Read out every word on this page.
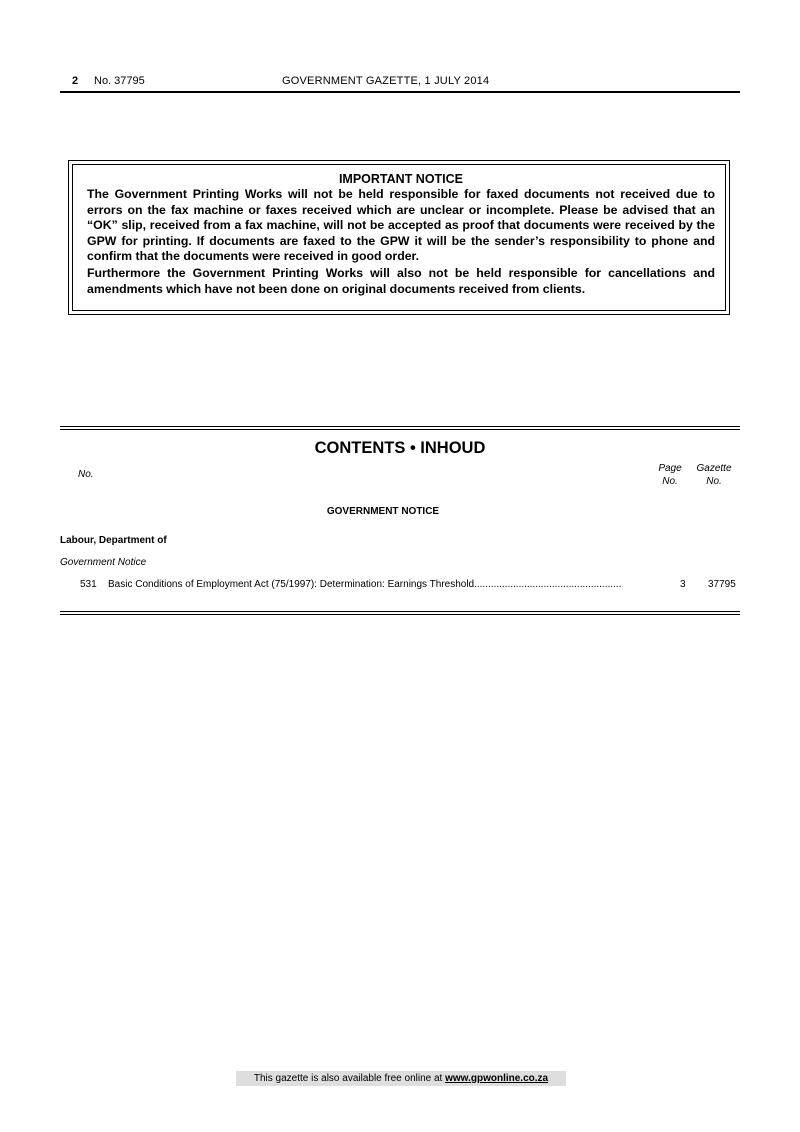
2 No. 37795	GOVERNMENT GAZETTE, 1 JULY 2014

IMPORTANT NOTICE

The Government Printing Works will not be held responsible for faxed documents not received due to errors on the fax machine or faxes received which are unclear or incomplete. Please be advised that an “OK” slip, received from a fax machine, will not be accepted as proof that documents were received by the GPW for printing. If documents are faxed to the GPW it will be the sender’s responsibility to phone and confirm that the documents were received in good order.

Furthermore the Government Printing Works will also not be held responsible for cancellations and amendments which have not been done on original documents received from clients.

CONTENTS • INHOUD
No.
Page
No.
Gazette
No.
GOVERNMENT NOTICE
Labour, Department of
Government Notice
531 Basic Conditions of Employment Act (75/1997): Determination: Earnings Threshold.....................................................	3 37795
This gazette is also available free online at www.gpwonline.co.za
